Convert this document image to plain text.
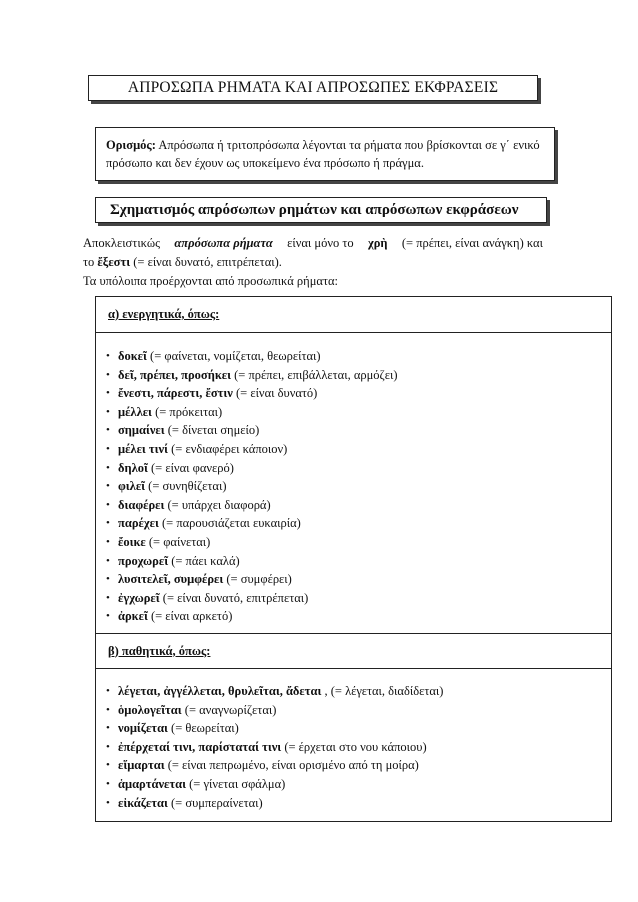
ΑΠΡΟΣΩΠΑ ΡΗΜΑΤΑ ΚΑΙ ΑΠΡΟΣΩΠΕΣ ΕΚΦΡΑΣΕΙΣ
Ορισμός: Απρόσωπα ή τριτοπρόσωπα λέγονται τα ρήματα που βρίσκονται σε γ΄ ενικό πρόσωπο και δεν έχουν ως υποκείμενο ένα πρόσωπο ή πράγμα.
Σχηματισμός απρόσωπων ρημάτων και απρόσωπων εκφράσεων
Αποκλειστικώς απρόσωπα ρήματα είναι μόνο το χρὴ (= πρέπει, είναι ανάγκη) και
το ἔξεστι (= είναι δυνατό, επιτρέπεται).
Τα υπόλοιπα προέρχονται από προσωπικά ρήματα:
α) ενεργητικά, όπως:
• δοκεῖ (= φαίνεται, νομίζεται, θεωρείται)
• δεῖ, πρέπει, προσήκει (= πρέπει, επιβάλλεται, αρμόζει)
• ἔνεστι, πάρεστι, ἔστιν (= είναι δυνατό)
• μέλλει (= πρόκειται)
• σημαίνει (= δίνεται σημείο)
• μέλει τινί (= ενδιαφέρει κάποιον)
• δηλοῖ (= είναι φανερό)
• φιλεῖ (= συνηθίζεται)
• διαφέρει (= υπάρχει διαφορά)
• παρέχει (= παρουσιάζεται ευκαιρία)
• ἔοικε (= φαίνεται)
• προχωρεῖ (= πάει καλά)
• λυσιτελεῖ, συμφέρει (= συμφέρει)
• ἐγχωρεῖ (= είναι δυνατό, επιτρέπεται)
• ἀρκεῖ (= είναι αρκετό)
β) παθητικά, όπως:
• λέγεται, ἀγγέλλεται, θρυλεῖται, ἄδεται , (= λέγεται, διαδίδεται)
• ὁμολογεῖται (= αναγνωρίζεται)
• νομίζεται (= θεωρείται)
• ἐπέρχεταί τινι, παρίσταταί τινι (= έρχεται στο νου κάποιου)
• εἵμαρται (= είναι πεπρωμένο, είναι ορισμένο από τη μοίρα)
• ἁμαρτάνεται (= γίνεται σφάλμα)
• εἰκάζεται (= συμπεραίνεται)
